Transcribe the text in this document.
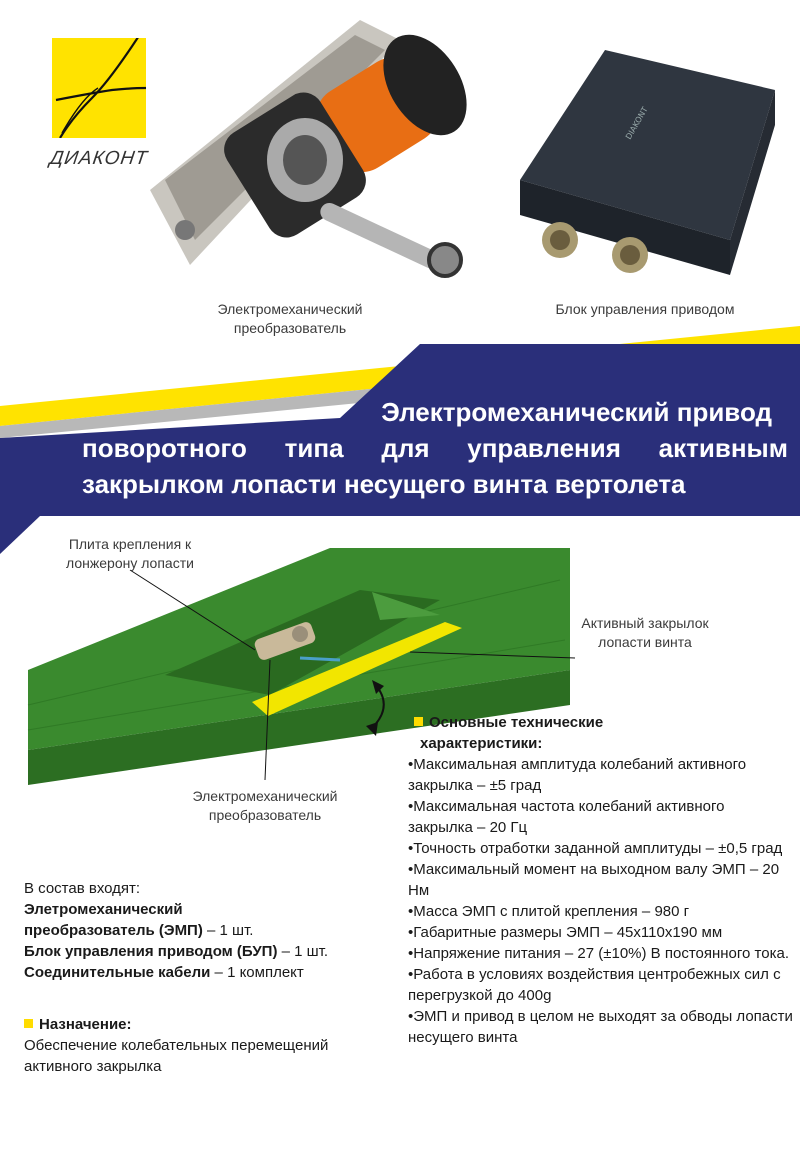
ДИАКОНТ
DIAKONT
Электромеханический преобразователь
Блок управления приводом
Электромеханический привод
поворотного типа для управления активным
закрылком лопасти несущего винта вертолета
Плита крепления к лонжерону лопасти
Активный закрылок лопасти винта
Электромеханический преобразователь
Основные технические
характеристики:
• Максимальная амплитуда колебаний активного закрылка – ±5 град
• Максимальная частота колебаний активного закрылка – 20 Гц
• Точность отработки заданной амплитуды – ±0,5 град
• Максимальный момент на выходном валу ЭМП – 20 Нм
• Масса ЭМП с плитой крепления – 980 г
• Габаритные размеры ЭМП – 45х110х190 мм
• Напряжение питания – 27 (±10%) В постоянного тока.
• Работа в условиях воздействия центробежных сил с перегрузкой до 400g
• ЭМП и привод в целом не выходят за обводы лопасти несущего винта
В состав входят:
Элетромеханический
преобразователь (ЭМП) – 1 шт.
Блок управления приводом (БУП) – 1 шт.
Соединительные кабели – 1 комплект
Назначение:
Обеспечение колебательных перемещений активного закрылка
